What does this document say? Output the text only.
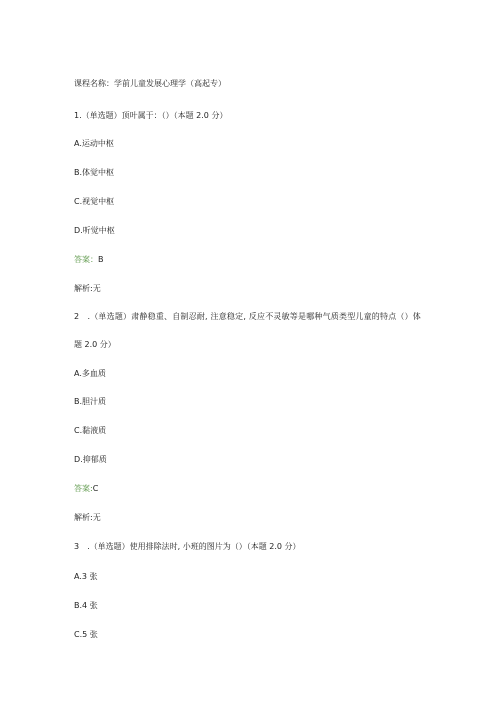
课程名称：学前儿童发展心理学（高起专）
1.（单选题）顶叶属于：（）（本题 2.0 分）
A.运动中枢
B.体觉中枢
C.视觉中枢
D.听觉中枢
答案：B
解析:无
2　.（单选题）肃静稳重、自制忍耐, 注意稳定, 反应不灵敏等是哪种气质类型儿童的特点（）体
题 2.0 分）
A.多血质
B.胆汁质
C.黏液质
D.抑郁质
答案:C
解析:无
3　.（单选题）使用排除法时, 小班的图片为（）（本题 2.0 分）
A.3 张
B.4 张
C.5 张
